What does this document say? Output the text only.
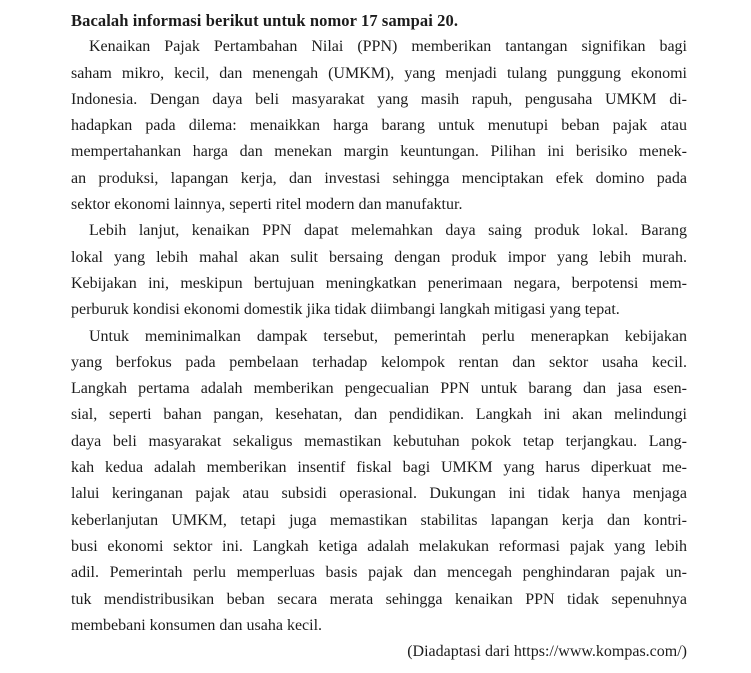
Bacalah informasi berikut untuk nomor 17 sampai 20.
Kenaikan Pajak Pertambahan Nilai (PPN) memberikan tantangan signifikan bagi
saham mikro, kecil, dan menengah (UMKM), yang menjadi tulang punggung ekonomi
Indonesia. Dengan daya beli masyarakat yang masih rapuh, pengusaha UMKM di-
hadapkan pada dilema: menaikkan harga barang untuk menutupi beban pajak atau
mempertahankan harga dan menekan margin keuntungan. Pilihan ini berisiko menek-
an produksi, lapangan kerja, dan investasi sehingga menciptakan efek domino pada
sektor ekonomi lainnya, seperti ritel modern dan manufaktur.
Lebih lanjut, kenaikan PPN dapat melemahkan daya saing produk lokal. Barang
lokal yang lebih mahal akan sulit bersaing dengan produk impor yang lebih murah.
Kebijakan ini, meskipun bertujuan meningkatkan penerimaan negara, berpotensi mem-
perburuk kondisi ekonomi domestik jika tidak diimbangi langkah mitigasi yang tepat.
Untuk meminimalkan dampak tersebut, pemerintah perlu menerapkan kebijakan
yang berfokus pada pembelaan terhadap kelompok rentan dan sektor usaha kecil.
Langkah pertama adalah memberikan pengecualian PPN untuk barang dan jasa esen-
sial, seperti bahan pangan, kesehatan, dan pendidikan. Langkah ini akan melindungi
daya beli masyarakat sekaligus memastikan kebutuhan pokok tetap terjangkau. Lang-
kah kedua adalah memberikan insentif fiskal bagi UMKM yang harus diperkuat me-
lalui keringanan pajak atau subsidi operasional. Dukungan ini tidak hanya menjaga
keberlanjutan UMKM, tetapi juga memastikan stabilitas lapangan kerja dan kontri-
busi ekonomi sektor ini. Langkah ketiga adalah melakukan reformasi pajak yang lebih
adil. Pemerintah perlu memperluas basis pajak dan mencegah penghindaran pajak un-
tuk mendistribusikan beban secara merata sehingga kenaikan PPN tidak sepenuhnya
membebani konsumen dan usaha kecil.
(Diadaptasi dari https://www.kompas.com/)
